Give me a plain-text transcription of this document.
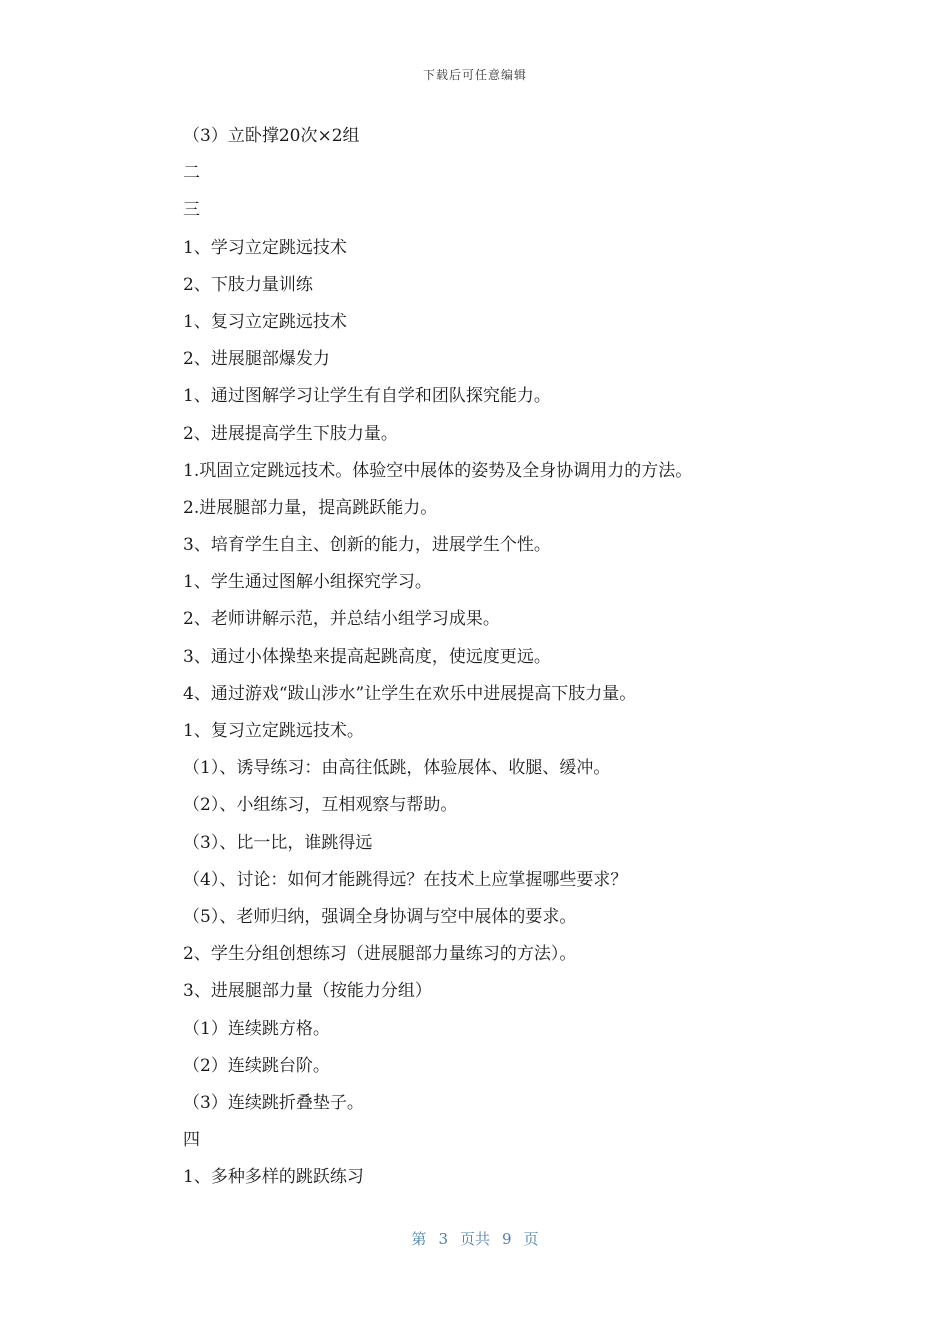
下载后可任意编辑
（3）立卧撑20次×2组
二
三
1、学习立定跳远技术
2、下肢力量训练
1、复习立定跳远技术
2、进展腿部爆发力
1、通过图解学习让学生有自学和团队探究能力。
2、进展提高学生下肢力量。
1.巩固立定跳远技术。体验空中展体的姿势及全身协调用力的方法。
2.进展腿部力量，提高跳跃能力。
3、培育学生自主、创新的能力，进展学生个性。
1、学生通过图解小组探究学习。
2、老师讲解示范，并总结小组学习成果。
3、通过小体操垫来提高起跳高度，使远度更远。
4、通过游戏“跋山涉水”让学生在欢乐中进展提高下肢力量。
1、复习立定跳远技术。
（1）、诱导练习：由高往低跳，体验展体、收腿、缓冲。
（2）、小组练习，互相观察与帮助。
（3）、比一比，谁跳得远
（4）、讨论：如何才能跳得远？在技术上应掌握哪些要求？
（5）、老师归纳，强调全身协调与空中展体的要求。
2、学生分组创想练习（进展腿部力量练习的方法）。
3、进展腿部力量（按能力分组）
（1）连续跳方格。
（2）连续跳台阶。
（3）连续跳折叠垫子。
四
1、多种多样的跳跃练习
第 3 页共 9 页
